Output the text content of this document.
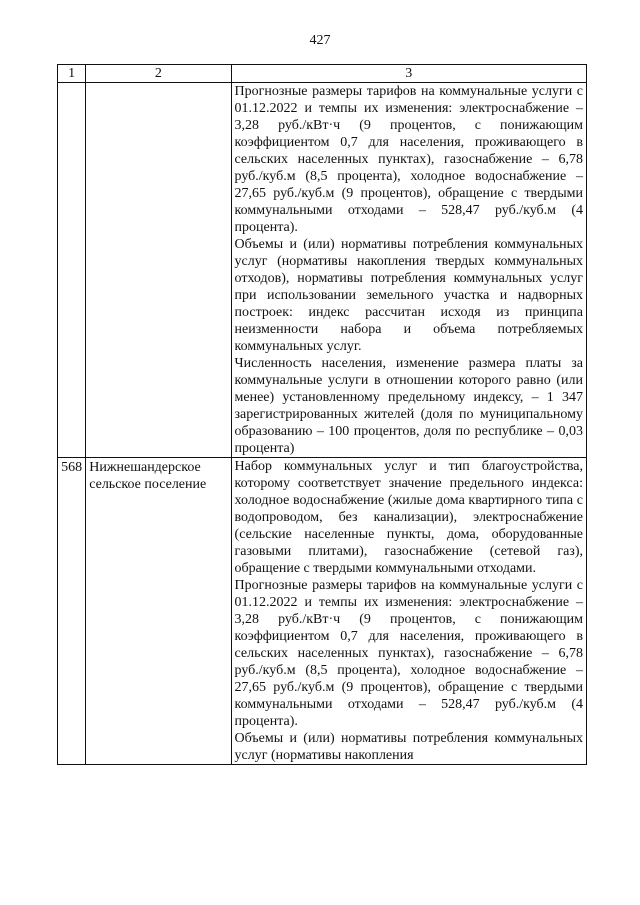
427
1	2	3

		Прогнозные размеры тарифов на коммунальные услуги с 01.12.2022 и темпы их изменения: электроснабжение – 3,28 руб./кВт·ч (9 процентов, с понижающим коэффициентом 0,7 для населения, проживающего в сельских населенных пунктах), газоснабжение – 6,78 руб./куб.м (8,5 процента), холодное водоснабжение – 27,65 руб./куб.м (9 процентов), обращение с твердыми коммунальными отходами – 528,47 руб./куб.м (4 процента).

Объемы и (или) нормативы потребления коммунальных услуг (нормативы накопления твердых коммунальных отходов), нормативы потребления коммунальных услуг при использовании земельного участка и надворных построек: индекс рассчитан исходя из принципа неизменности набора и объема потребляемых коммунальных услуг.

Численность населения, изменение размера платы за коммунальные услуги в отношении которого равно (или менее) установленному предельному индексу, – 1 347 зарегистрированных жителей (доля по муниципальному образованию – 100 процентов, доля по республике – 0,03 процента)

568	Нижнешандерское сельское поселение	Набор коммунальных услуг и тип благоустройства, которому соответствует значение предельного индекса: холодное водоснабжение (жилые дома квартирного типа с водопроводом, без канализации), электроснабжение (сельские населенные пункты, дома, оборудованные газовыми плитами), газоснабжение (сетевой газ), обращение с твердыми коммунальными отходами.

Прогнозные размеры тарифов на коммунальные услуги с 01.12.2022 и темпы их изменения: электроснабжение – 3,28 руб./кВт·ч (9 процентов, с понижающим коэффициентом 0,7 для населения, проживающего в сельских населенных пунктах), газоснабжение – 6,78 руб./куб.м (8,5 процента), холодное водоснабжение – 27,65 руб./куб.м (9 процентов), обращение с твердыми коммунальными отходами – 528,47 руб./куб.м (4 процента).

Объемы и (или) нормативы потребления коммунальных услуг (нормативы накопления
